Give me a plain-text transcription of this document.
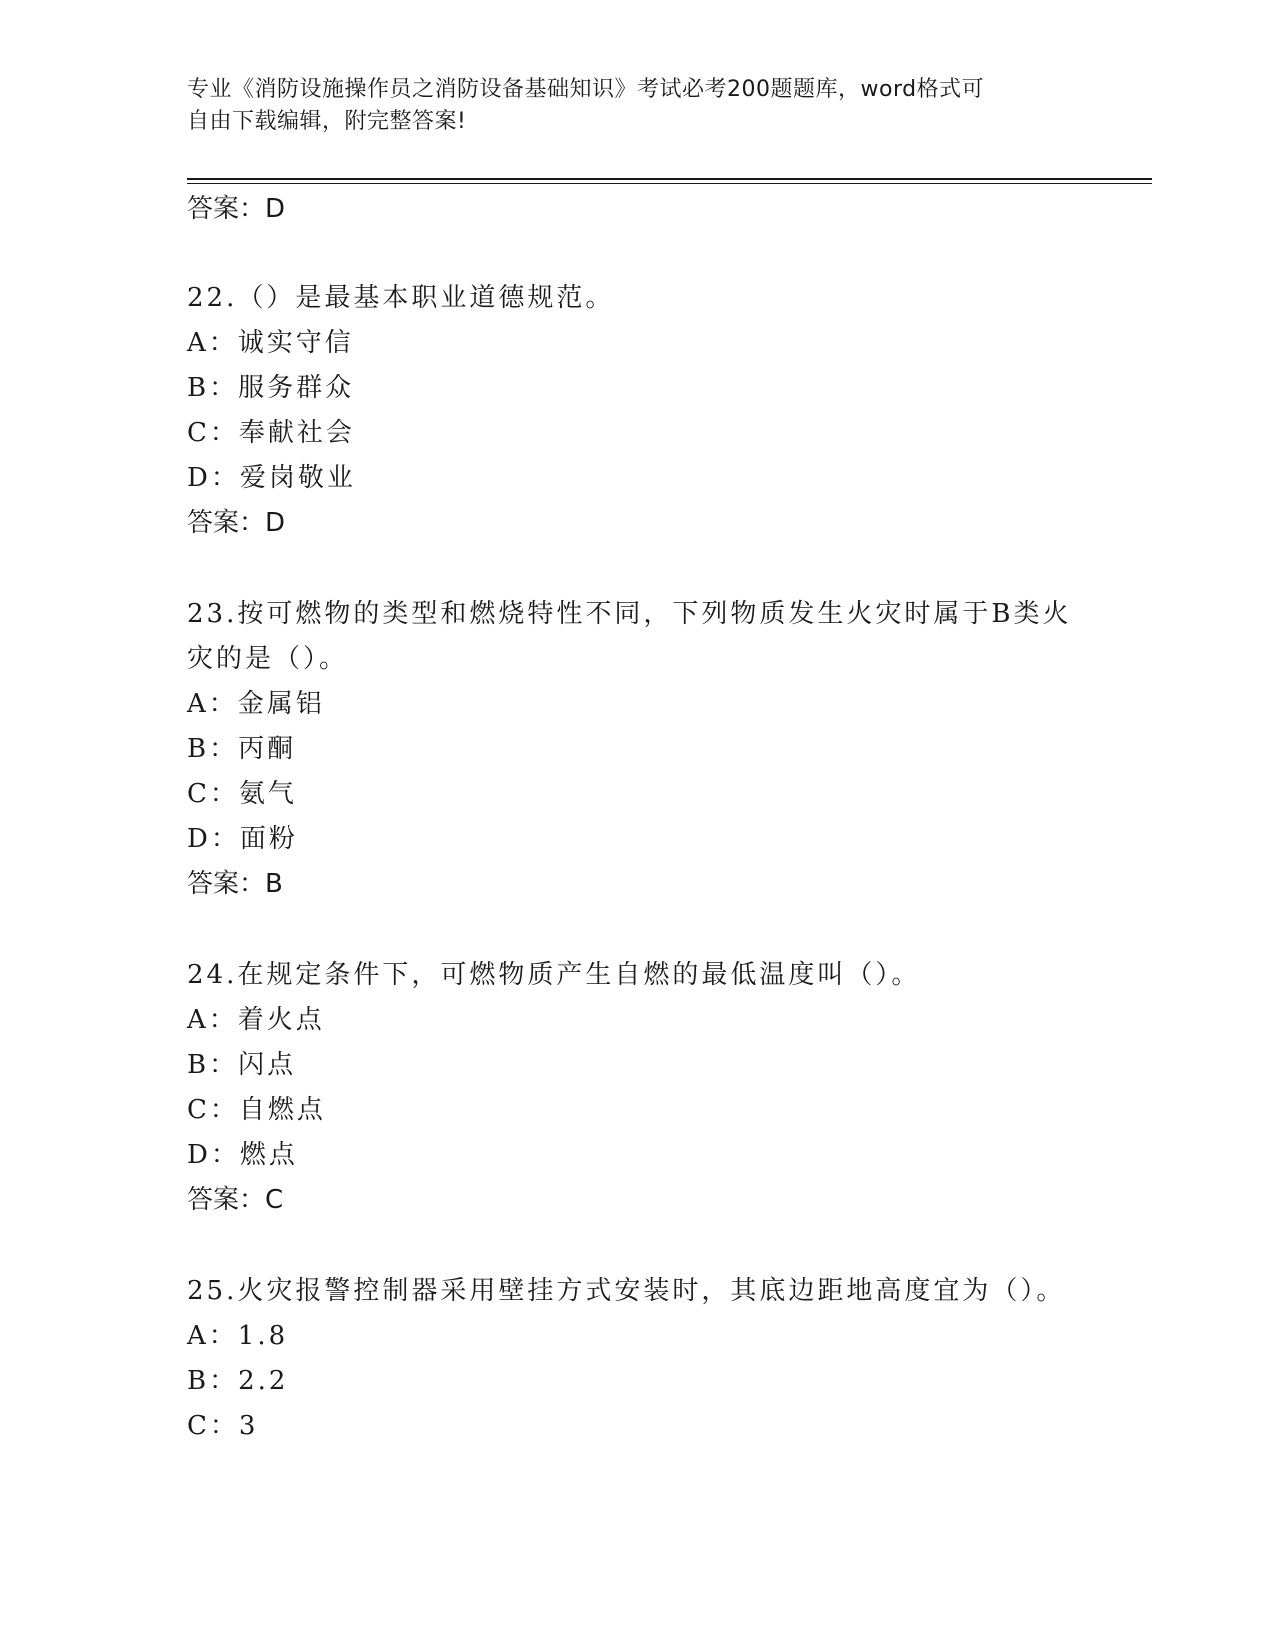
专业《消防设施操作员之消防设备基础知识》考试必考200题题库，word格式可
自由下载编辑，附完整答案!
答案：D

22.（）是最基本职业道德规范。

A：诚实守信

B：服务群众

C：奉献社会

D：爱岗敬业

答案：D

23.按可燃物的类型和燃烧特性不同，下列物质发生火灾时属于B类火灾的是（）。

A：金属铝

B：丙酮

C：氨气

D：面粉

答案：B

24.在规定条件下，可燃物质产生自燃的最低温度叫（）。

A：着火点

B：闪点

C：自燃点

D：燃点

答案：C

25.火灾报警控制器采用壁挂方式安装时，其底边距地高度宜为（）。

A：1.8

B：2.2

C：3
